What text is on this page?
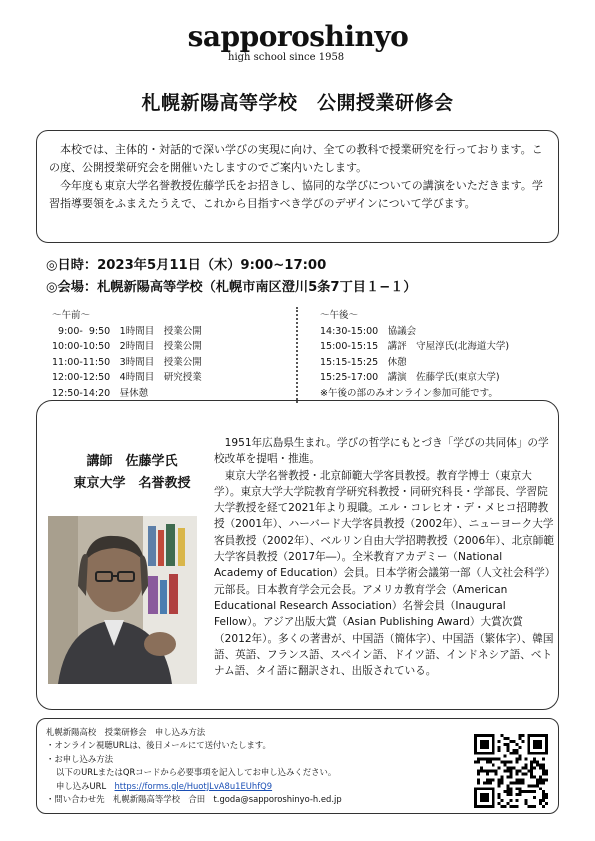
sapporoshinyo
high school since 1958
札幌新陽高等学校　公開授業研修会

本校では、主体的・対話的で深い学びの実現に向け、全ての教科で授業研究を行っております。この度、公開授業研究会を開催いたしますのでご案内いたします。

今年度も東京大学名誉教授佐藤学氏をお招きし、協同的な学びについての講演をいただきます。学習指導要領をふまえたうえで、これから目指すべき学びのデザインについて学びます。

◎日時：2023年5月11日（木）9:00~17:00
◎会場：札幌新陽高等学校（札幌市南区澄川5条7丁目１−１）
～午前～
9:00-  9:50　1時間目　授業公開
10:00-10:50　2時間目　授業公開
11:00-11:50　3時間目　授業公開
12:00-12:50　4時間目　研究授業
12:50-14:20　昼休憩
～午後～
14:30-15:00　協議会
15:00-15:15　講評　守屋淳氏(北海道大学)
15:15-15:25　休憩
15:25-17:00　講演　佐藤学氏(東京大学)
※午後の部のみオンライン参加可能です。
講師　佐藤学氏
東京大学　名誉教授

1951年広島県生まれ。学びの哲学にもとづき「学びの共同体」の学校改革を提唱・推進。

東京大学名誉教授・北京師範大学客員教授。教育学博士（東京大学）。東京大学大学院教育学研究科教授・同研究科長・学部長、学習院大学教授を経て2021年より現職。エル・コレヒオ・デ・メヒコ招聘教授（2001年）、ハーバード大学客員教授（2002年）、ニューヨーク大学客員教授（2002年）、ベルリン自由大学招聘教授（2006年）、北京師範大学客員教授（2017年―）。全米教育アカデミー（National Academy of Education）会員。日本学術会議第一部（人文社会科学）元部長。日本教育学会元会長。アメリカ教育学会（American Educational Research Association）名誉会員（Inaugural Fellow）。アジア出版大賞（Asian Publishing Award）大賞次賞（2012年）。多くの著書が、中国語（簡体字）、中国語（繁体字）、韓国語、英語、フランス語、スペイン語、ドイツ語、インドネシア語、ベトナム語、タイ語に翻訳され、出版されている。

札幌新陽高校　授業研修会　申し込み方法
・オンライン視聴URLは、後日メールにて送付いたします。
・お申し込み方法
以下のURLまたはQRコードから必要事項を記入してお申し込みください。
申し込みURL　 https://forms.gle/HuotJLvA8u1EUhfQ9
・問い合わせ先　札幌新陽高等学校　合田　t.goda@sapporoshinyo-h.ed.jp
